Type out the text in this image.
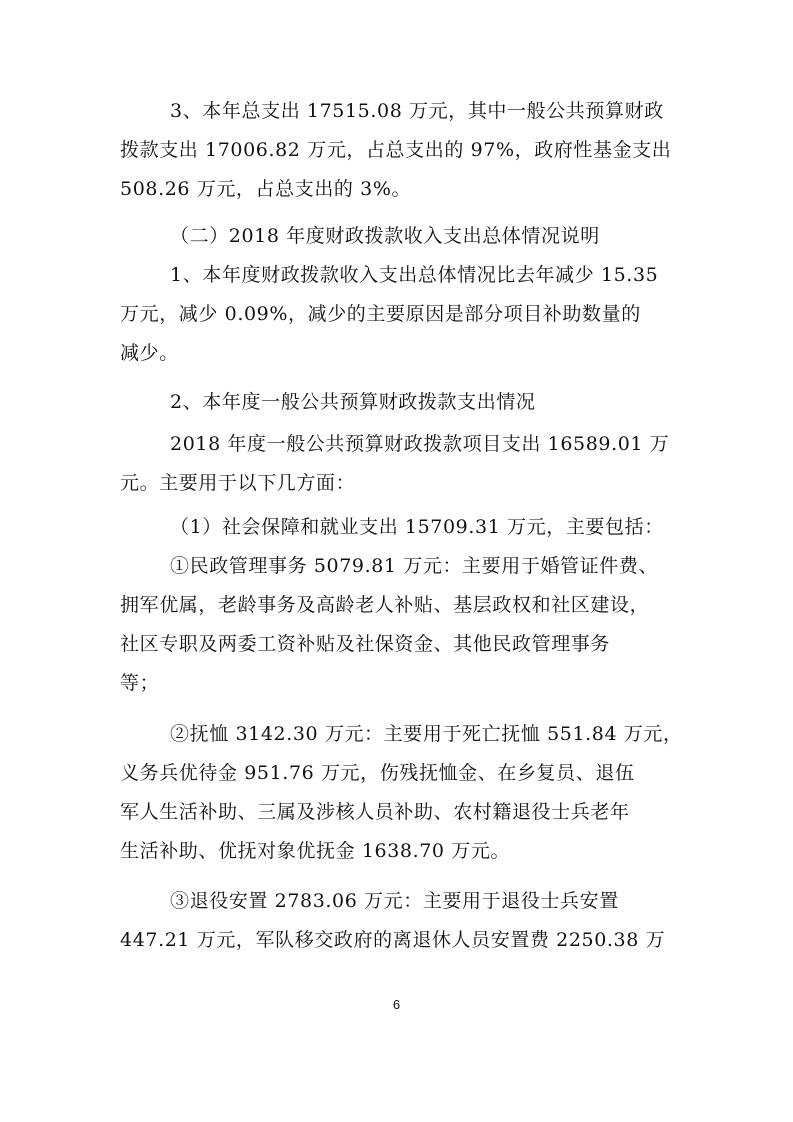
3、本年总支出 17515.08 万元，其中一般公共预算财政
拨款支出 17006.82 万元，占总支出的 97%，政府性基金支出
508.26 万元，占总支出的 3%。
（二）2018 年度财政拨款收入支出总体情况说明
1、本年度财政拨款收入支出总体情况比去年减少 15.35
万元，减少 0.09%，减少的主要原因是部分项目补助数量的
减少。
2、本年度一般公共预算财政拨款支出情况
2018 年度一般公共预算财政拨款项目支出 16589.01 万
元。主要用于以下几方面：
（1）社会保障和就业支出 15709.31 万元，主要包括：
①民政管理事务 5079.81 万元：主要用于婚管证件费、
拥军优属，老龄事务及高龄老人补贴、基层政权和社区建设，
社区专职及两委工资补贴及社保资金、其他民政管理事务
等；
②抚恤 3142.30 万元：主要用于死亡抚恤 551.84 万元，
义务兵优待金 951.76 万元，伤残抚恤金、在乡复员、退伍
军人生活补助、三属及涉核人员补助、农村籍退役士兵老年
生活补助、优抚对象优抚金 1638.70 万元。
③退役安置 2783.06 万元：主要用于退役士兵安置
447.21 万元，军队移交政府的离退休人员安置费 2250.38 万
6
